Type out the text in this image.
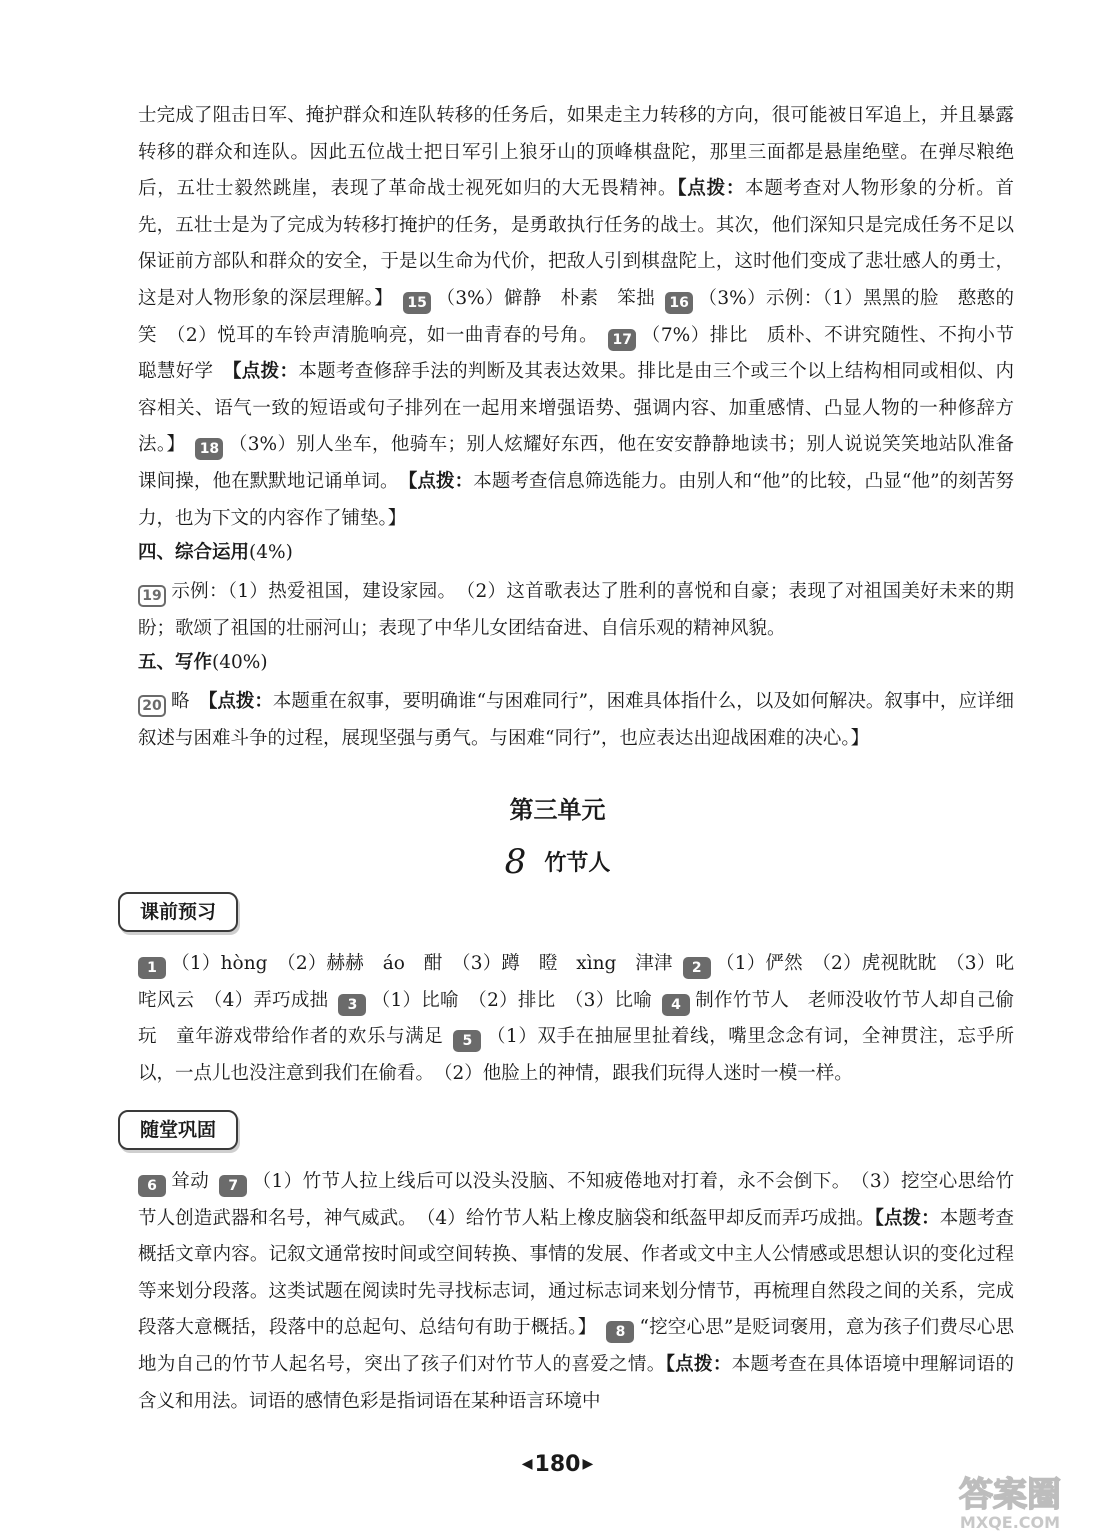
士完成了阻击日军、掩护群众和连队转移的任务后，如果走主力转移的方向，很可能被日军追上，并且暴露转移的群众和连队。因此五位战士把日军引上狼牙山的顶峰棋盘陀，那里三面都是悬崖绝壁。在弹尽粮绝后，五壮士毅然跳崖，表现了革命战士视死如归的大无畏精神。【点拨：本题考查对人物形象的分析。首先，五壮士是为了完成为转移打掩护的任务，是勇敢执行任务的战士。其次，他们深知只是完成任务不足以保证前方部队和群众的安全，于是以生命为代价，把敌人引到棋盘陀上，这时他们变成了悲壮感人的勇士，这是对人物形象的深层理解。】 15 （3%）僻静　朴素　笨拙 16 （3%）示例：（1）黑黑的脸　憨憨的笑　（2）悦耳的车铃声清脆响亮，如一曲青春的号角。 17 （7%）排比　质朴、不讲究随性、不拘小节　聪慧好学　【点拨：本题考查修辞手法的判断及其表达效果。排比是由三个或三个以上结构相同或相似、内容相关、语气一致的短语或句子排列在一起用来增强语势、强调内容、加重感情、凸显人物的一种修辞方法。】 18 （3%）别人坐车，他骑车；别人炫耀好东西，他在安安静静地读书；别人说说笑笑地站队准备课间操，他在默默地记诵单词。　【点拨：本题考查信息筛选能力。由别人和“他”的比较，凸显“他”的刻苦努力，也为下文的内容作了铺垫。】
四、综合运用(4%)
19 示例：（1）热爱祖国，建设家园。　（2）这首歌表达了胜利的喜悦和自豪；表现了对祖国美好未来的期盼；歌颂了祖国的壮丽河山；表现了中华儿女团结奋进、自信乐观的精神风貌。
五、写作(40%)
20 略　【点拨：本题重在叙事，要明确谁“与困难同行”，困难具体指什么，以及如何解决。叙事中，应详细叙述与困难斗争的过程，展现坚强与勇气。与困难“同行”，也应表达出迎战困难的决心。】
第三单元
8 竹节人
课前预习
1 （1）hòng　（2）赫赫　áo　酣　（3）蹲　瞪　xìng　津津 2 （1）俨然　（2）虎视眈眈　（3）叱咤风云　（4）弄巧成拙 3 （1）比喻　（2）排比　（3）比喻 4 制作竹节人　老师没收竹节人却自己偷玩　童年游戏带给作者的欢乐与满足 5 （1）双手在抽屉里扯着线，嘴里念念有词，全神贯注，忘乎所以，一点儿也没注意到我们在偷看。　（2）他脸上的神情，跟我们玩得人迷时一模一样。
随堂巩固
6 耸动 7 （1）竹节人拉上线后可以没头没脑、不知疲倦地对打着，永不会倒下。　（3）挖空心思给竹节人创造武器和名号，神气威武。　（4）给竹节人粘上橡皮脑袋和纸盔甲却反而弄巧成拙。【点拨：本题考查概括文章内容。记叙文通常按时间或空间转换、事情的发展、作者或文中主人公情感或思想认识的变化过程等来划分段落。这类试题在阅读时先寻找标志词，通过标志词来划分情节，再梳理自然段之间的关系，完成段落大意概括，段落中的总起句、总结句有助于概括。】 8 “挖空心思”是贬词褒用，意为孩子们费尽心思地为自己的竹节人起名号，突出了孩子们对竹节人的喜爱之情。【点拨：本题考查在具体语境中理解词语的含义和用法。词语的感情色彩是指词语在某种语言环境中
◀180 ▶
答案圈
MXQE.COM
